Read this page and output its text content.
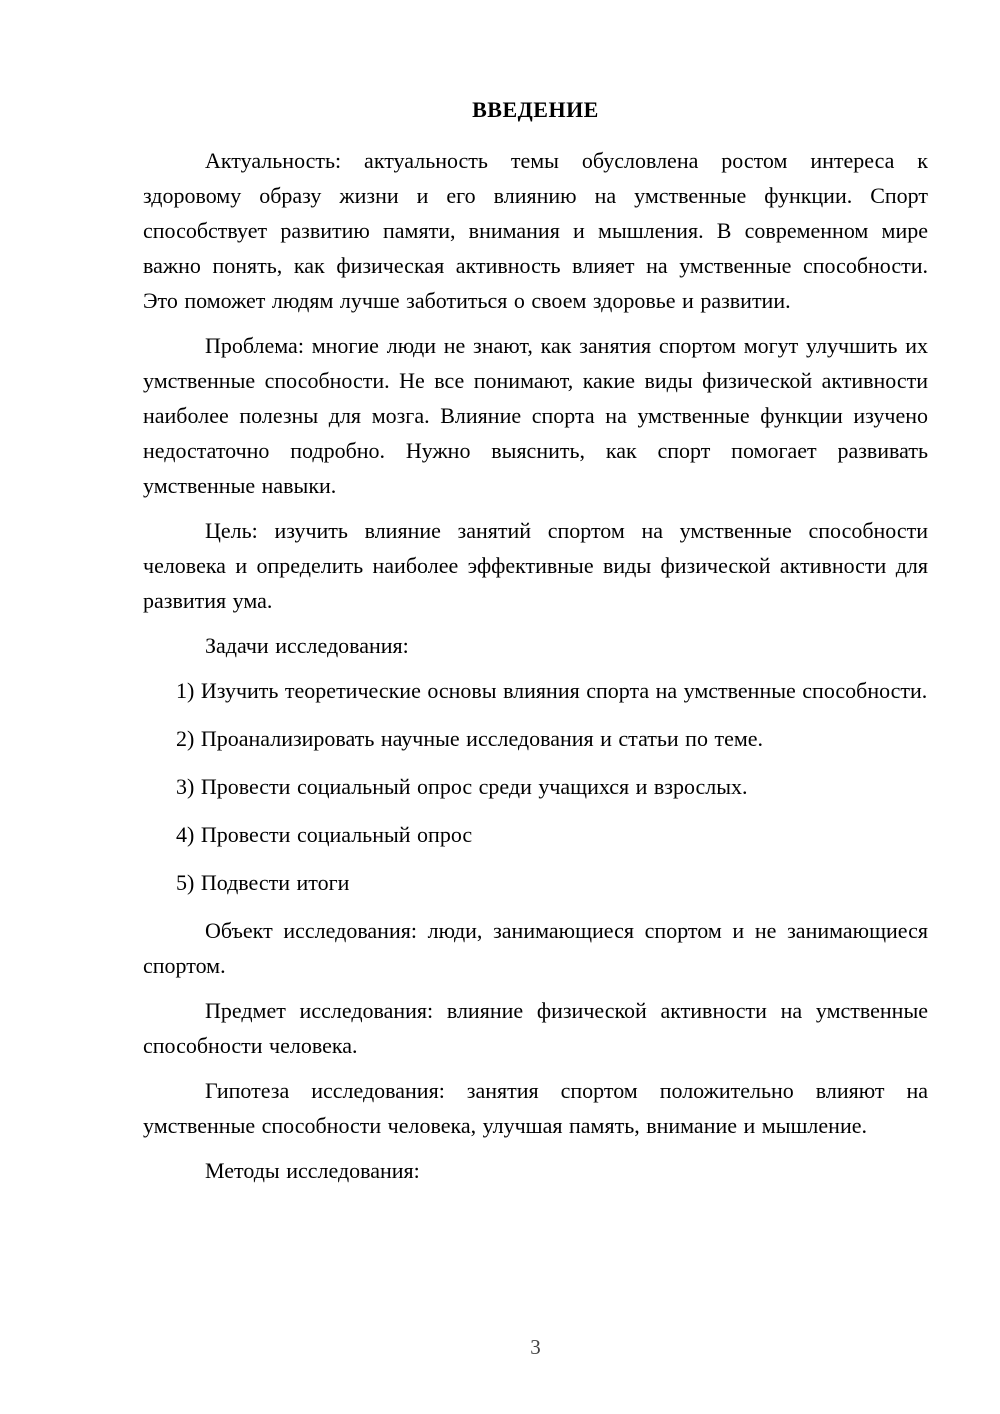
ВВЕДЕНИЕ

Актуальность: актуальность темы обусловлена ростом интереса к здоровому образу жизни и его влиянию на умственные функции. Спорт способствует развитию памяти, внимания и мышления. В современном мире важно понять, как физическая активность влияет на умственные способности. Это поможет людям лучше заботиться о своем здоровье и развитии.

Проблема: многие люди не знают, как занятия спортом могут улучшить их умственные способности. Не все понимают, какие виды физической активности наиболее полезны для мозга. Влияние спорта на умственные функции изучено недостаточно подробно. Нужно выяснить, как спорт помогает развивать умственные навыки.

Цель: изучить влияние занятий спортом на умственные способности человека и определить наиболее эффективные виды физической активности для развития ума.

Задачи исследования:

1) Изучить теоретические основы влияния спорта на умственные способности.

2) Проанализировать научные исследования и статьи по теме.

3) Провести социальный опрос среди учащихся и взрослых.

4) Провести социальный опрос

5) Подвести итоги

Объект исследования: люди, занимающиеся спортом и не занимающиеся спортом.

Предмет исследования: влияние физической активности на умственные способности человека.

Гипотеза исследования: занятия спортом положительно влияют на умственные способности человека, улучшая память, внимание и мышление.

Методы исследования:

3
